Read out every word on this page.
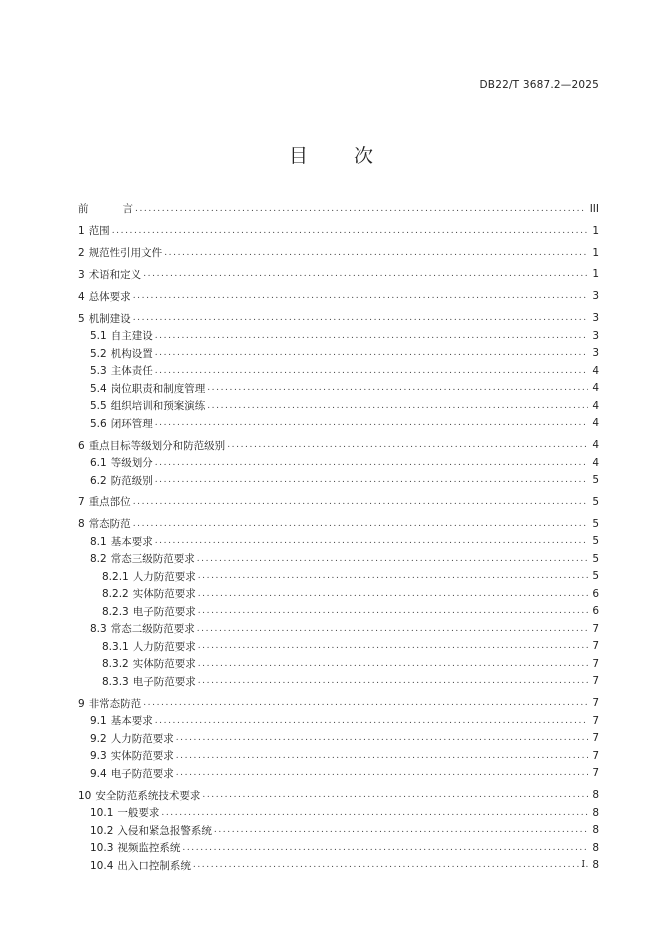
DB22/T 3687.2—2025
目 次
前	言 .....	III
1 范围 .....	1
2 规范性引用文件 .....	1
3 术语和定义 .....	1
4 总体要求 .....	3
5 机制建设 .....	3
5.1 自主建设 .....	3
5.2 机构设置 .....	3
5.3 主体责任 .....	4
5.4 岗位职责和制度管理 .....	4
5.5 组织培训和预案演练 .....	4
5.6 闭环管理 .....	4
6 重点目标等级划分和防范级别 .....	4
6.1 等级划分 .....	4
6.2 防范级别 .....	5
7 重点部位 .....	5
8 常态防范 .....	5
8.1 基本要求 .....	5
8.2 常态三级防范要求 .....	5
8.2.1 人力防范要求 .....	5
8.2.2 实体防范要求 .....	6
8.2.3 电子防范要求 .....	6
8.3 常态二级防范要求 .....	7
8.3.1 人力防范要求 .....	7
8.3.2 实体防范要求 .....	7
8.3.3 电子防范要求 .....	7
9 非常态防范 .....	7
9.1 基本要求 .....	7
9.2 人力防范要求 .....	7
9.3 实体防范要求 .....	7
9.4 电子防范要求 .....	7
10 安全防范系统技术要求 .....	8
10.1 一般要求 .....	8
10.2 入侵和紧急报警系统 .....	8
10.3 视频监控系统 .....	8
10.4 出入口控制系统 .....	8
I
